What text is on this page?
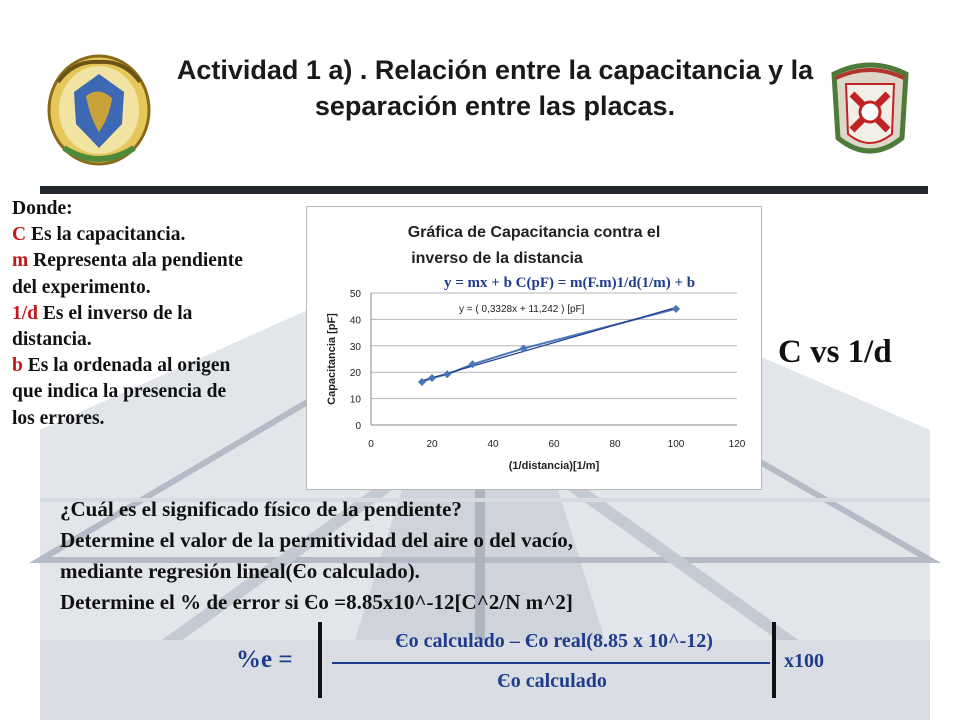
Actividad 1 a) . Relación entre la capacitancia y la separación entre las placas.
Donde:
C Es la capacitancia.
m Representa ala pendiente
del experimento.
1/d Es el inverso de la
distancia.
b Es la ordenada al origen
que indica la presencia de
los errores.
Gráfica de Capacitancia contra el
inverso de la distancia
0
10
20
30
40
50
0	20	40	60	80	100	120
(1/distancia)[1/m]
Capacitancia [pF]
y = ( 0,3328x + 11,242 ) [pF]
y = mx + b C(pF) = m(F.m)1/d(1/m) + b
C vs 1/d
¿Cuál es el significado físico de la pendiente?
Determine el valor de la permitividad del aire o del vacío,
mediante regresión lineal(Єo calculado).
Determine el % de error si Єo =8.85x10^-12[C^2/N m^2]
%e =
Єo calculado – Єo real(8.85 x 10^-12)
Єo calculado
x100
